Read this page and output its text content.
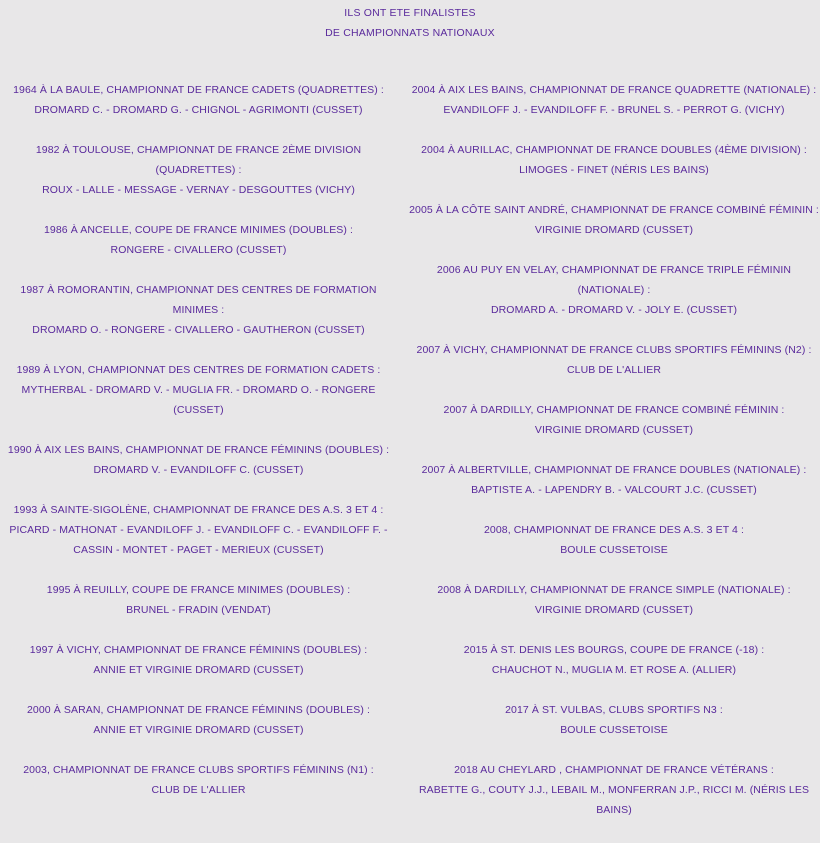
ILS ONT ETE FINALISTES
DE CHAMPIONNATS NATIONAUX
1964 À LA BAULE, CHAMPIONNAT DE FRANCE CADETS (QUADRETTES) :
DROMARD C. - DROMARD G. - CHIGNOL - AGRIMONTI (CUSSET)
1982 À TOULOUSE, CHAMPIONNAT DE FRANCE 2ÈME DIVISION (QUADRETTES) :
ROUX - LALLE - MESSAGE - VERNAY - DESGOUTTES (VICHY)
1986 À ANCELLE, COUPE DE FRANCE MINIMES (DOUBLES) :
RONGERE - CIVALLERO (CUSSET)
1987 À ROMORANTIN, CHAMPIONNAT DES CENTRES DE FORMATION MINIMES :
DROMARD O. - RONGERE - CIVALLERO - GAUTHERON (CUSSET)
1989 À LYON, CHAMPIONNAT DES CENTRES DE FORMATION CADETS :
MYTHERBAL - DROMARD V. - MUGLIA FR. - DROMARD O. - RONGERE (CUSSET)
1990 À AIX LES BAINS, CHAMPIONNAT DE FRANCE FÉMININS (DOUBLES) :
DROMARD V. - EVANDILOFF C. (CUSSET)
1993 À SAINTE-SIGOLÈNE, CHAMPIONNAT DE FRANCE DES A.S. 3 ET 4 :
PICARD - MATHONAT - EVANDILOFF J. - EVANDILOFF C. - EVANDILOFF F. - CASSIN - MONTET - PAGET - MERIEUX (CUSSET)
1995 À REUILLY, COUPE DE FRANCE MINIMES (DOUBLES) :
BRUNEL - FRADIN (VENDAT)
1997 À VICHY, CHAMPIONNAT DE FRANCE FÉMININS (DOUBLES) :
ANNIE ET VIRGINIE DROMARD (CUSSET)
2000 À SARAN, CHAMPIONNAT DE FRANCE FÉMININS (DOUBLES) :
ANNIE ET VIRGINIE DROMARD (CUSSET)
2003, CHAMPIONNAT DE FRANCE CLUBS SPORTIFS FÉMININS (N1) :
CLUB DE L'ALLIER
2004 À AIX LES BAINS, CHAMPIONNAT DE FRANCE QUADRETTE (NATIONALE) :
EVANDILOFF J. - EVANDILOFF F. - BRUNEL S. - PERROT G. (VICHY)
2004 À AURILLAC, CHAMPIONNAT DE FRANCE DOUBLES (4ÈME DIVISION) :
LIMOGES - FINET (NÉRIS LES BAINS)
2005 À LA CÔTE SAINT ANDRÉ, CHAMPIONNAT DE FRANCE COMBINÉ FÉMININ :
VIRGINIE DROMARD (CUSSET)
2006 AU PUY EN VELAY, CHAMPIONNAT DE FRANCE TRIPLE FÉMININ (NATIONALE) :
DROMARD A. - DROMARD V. - JOLY E. (CUSSET)
2007 À VICHY, CHAMPIONNAT DE FRANCE CLUBS SPORTIFS FÉMININS (N2) :
CLUB DE L'ALLIER
2007 À DARDILLY, CHAMPIONNAT DE FRANCE COMBINÉ FÉMININ :
VIRGINIE DROMARD (CUSSET)
2007 À ALBERTVILLE, CHAMPIONNAT DE FRANCE DOUBLES (NATIONALE) :
BAPTISTE A. - LAPENDRY B. - VALCOURT J.C. (CUSSET)
2008, CHAMPIONNAT DE FRANCE DES A.S. 3 ET 4 :
BOULE CUSSETOISE
2008 À DARDILLY, CHAMPIONNAT DE FRANCE SIMPLE (NATIONALE) :
VIRGINIE DROMARD (CUSSET)
2015 À ST. DENIS LES BOURGS, COUPE DE FRANCE (-18) :
CHAUCHOT N., MUGLIA M. ET ROSE A. (ALLIER)
2017 À ST. VULBAS, CLUBS SPORTIFS N3 :
BOULE CUSSETOISE
2018 AU CHEYLARD , CHAMPIONNAT DE FRANCE VÉTÉRANS :
RABETTE G., COUTY J.J., LEBAIL M., MONFERRAN J.P., RICCI M. (NÉRIS LES BAINS)
